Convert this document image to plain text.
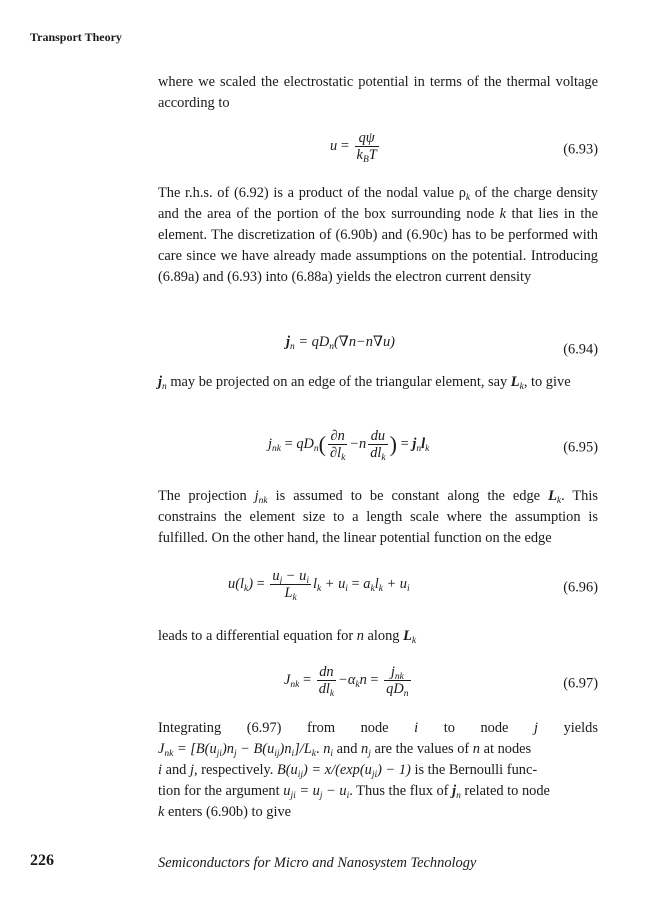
Transport Theory

where we scaled the electrostatic potential in terms of the thermal voltage according to

$u = \frac{q\psi}{k_BT}$	(6.93)

The r.h.s. of (6.92) is a product of the nodal value $\rho_k$ of the charge density and the area of the portion of the box surrounding node k that lies in the element. The discretization of (6.90b) and (6.90c) has to be performed with care since we have already made assumptions on the potential. Introducing (6.89a) and (6.93) into (6.88a) yields the electron current density

$j_n = qD_n(\nabla n-n\nabla u)$	(6.94)

$j_n$ may be projected on an edge of the triangular element, say $L_k$, to give

$j_{nk} = qD_n( \frac{\partial n}{\partial l_k} -n \frac{du}{dl_k}$ ) = $j_nl_k$	(6.95)

The projection $j_{nk}$ is assumed to be constant along the edge $L_k$. This constrains the element size to a length scale where the assumption is fulfilled. On the other hand, the linear potential function on the edge

$u(l_k) = \frac{u_j - u_i}{L_k} l_k + u_i = a_kl_k + u_i$	(6.96)

leads to a differential equation for n along $L_k$

$J_{nk} = \frac{dn}{dl_k} -\alpha_kn = \frac{j_{nk}}{qD_n}$	(6.97)
Integrating (6.97) from node i to node j yields
$J_{nk} = [B(u_{ji})n_j - B(u_{ij})n_i]/L_k$. $n_i$ and $n_j$ are the values of n at nodes
i and j, respectively. $B(u_{ij}) = x/(\exp(u_{ji}) - 1)$ is the Bernoulli func-
tion for the argument $u_{ji} = u_j - u_i$. Thus the flux of $j_n$ related to node
k enters (6.90b) to give
226	Semiconductors for Micro and Nanosystem Technology
